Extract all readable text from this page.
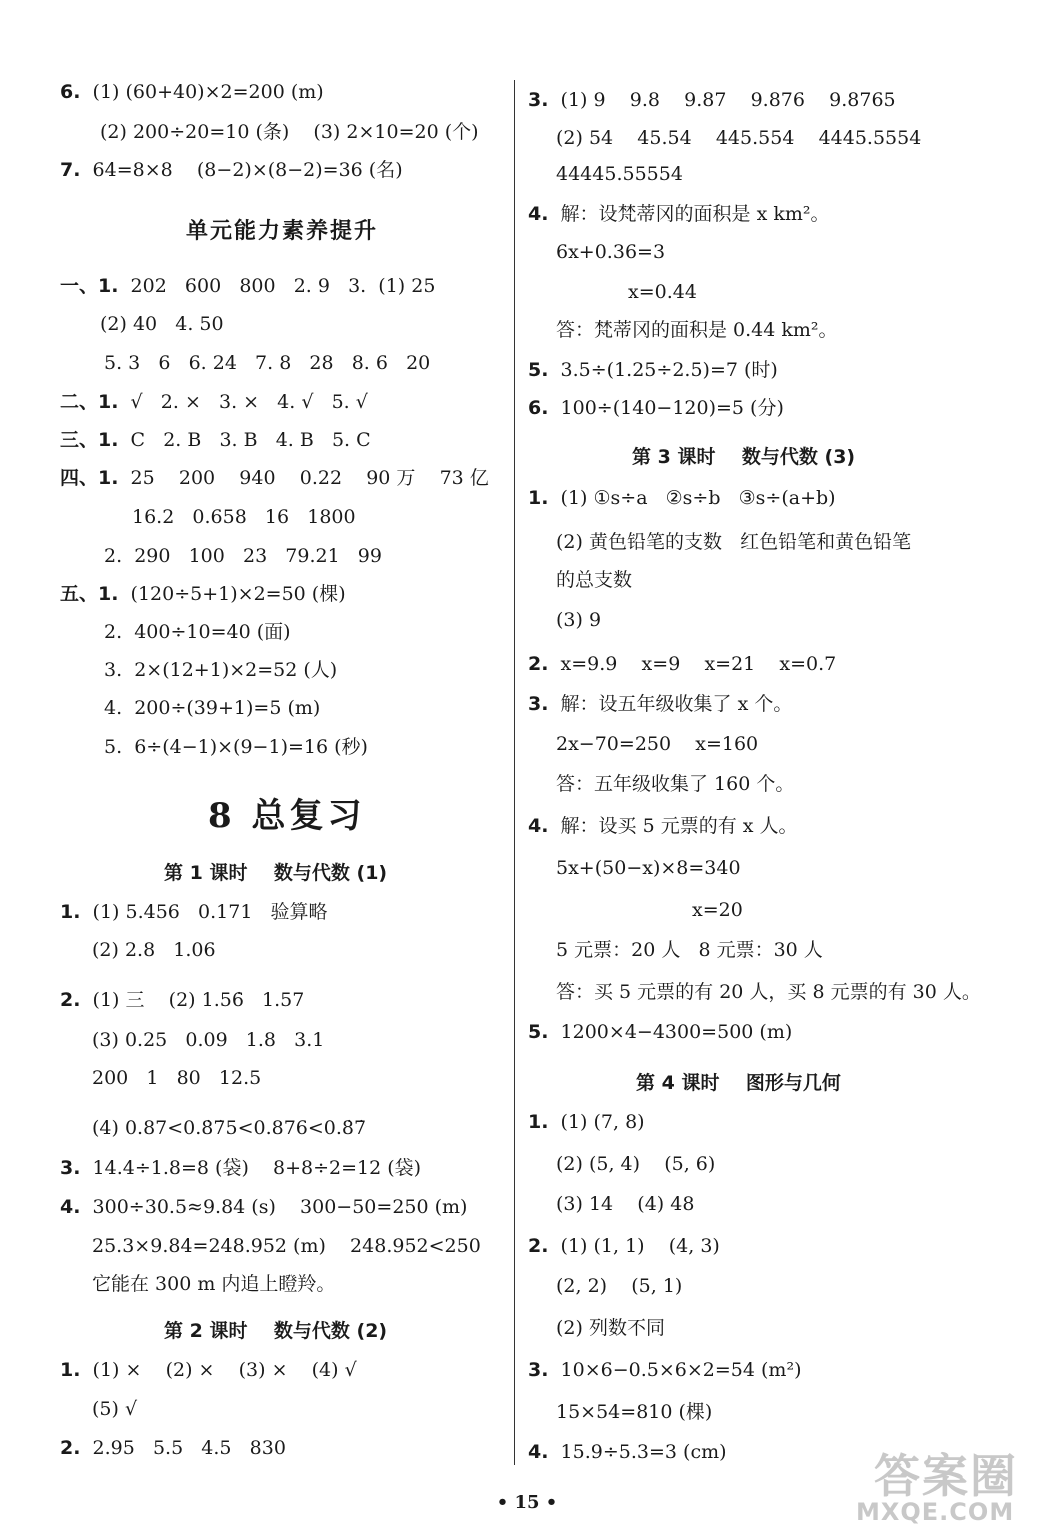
6. (1) (60+40)×2=200 (m)
(2) 200÷20=10 (条)    (3) 2×10=20 (个)
7. 64=8×8    (8−2)×(8−2)=36 (名)
一、1. 202   600   800   2. 9   3.  (1) 25
(2) 40   4. 50
5. 3   6   6. 24   7. 8   28   8. 6   20
二、1. √   2. ×   3. ×   4. √   5. √
三、1. C   2. B   3. B   4. B   5. C
四、1. 25    200    940    0.22    90 万    73 亿
16.2   0.658   16   1800
2.  290   100   23   79.21   99
五、1. (120÷5+1)×2=50 (棵)
2.  400÷10=40 (面)
3.  2×(12+1)×2=52 (人)
4.  200÷(39+1)=5 (m)
5.  6÷(4−1)×(9−1)=16 (秒)
1. (1) 5.456   0.171   验算略
(2) 2.8   1.06
2. (1) 三    (2) 1.56̇   1.57
(3) 0.25   0.09   1.8   3.1
200   1   80   12.5
(4) 0.87<0.8̇7̇5<0.876<0.8̇7̇
3. 14.4÷1.8=8 (袋)    8+8÷2=12 (袋)
4. 300÷30.5≈9.84 (s)    300−50=250 (m)
25.3×9.84=248.952 (m)    248.952<250
它能在 300 m 内追上瞪羚。
1. (1) ×    (2) ×    (3) ×    (4) √
(5) √
2. 2.95   5.5   4.5   830
单元能力素养提升
8 总复习
第 1 课时    数与代数 (1)
第 2 课时    数与代数 (2)
3. (1) 9    9.8    9.87    9.876    9.8765
(2) 54    45.54    445.554    4445.5554
44445.55554
4. 解：设梵蒂冈的面积是 x km²。
6x+0.36=3
x=0.44
答：梵蒂冈的面积是 0.44 km²。
5. 3.5÷(1.25÷2.5)=7 (时)
6. 100÷(140−120)=5 (分)
1. (1) ①s÷a   ②s÷b   ③s÷(a+b)
(2) 黄色铅笔的支数   红色铅笔和黄色铅笔
的总支数
(3) 9
2. x=9.9    x=9    x=21    x=0.7
3. 解：设五年级收集了 x 个。
2x−70=250    x=160
答：五年级收集了 160 个。
4. 解：设买 5 元票的有 x 人。
5x+(50−x)×8=340
x=20
5 元票：20 人   8 元票：30 人
答：买 5 元票的有 20 人，买 8 元票的有 30 人。
5. 1200×4−4300=500 (m)
1. (1) (7, 8)
(2) (5, 4)    (5, 6)
(3) 14    (4) 48
2. (1) (1, 1)    (4, 3)
(2, 2)    (5, 1)
(2) 列数不同
3. 10×6−0.5×6×2=54 (m²)
15×54=810 (棵)
4. 15.9÷5.3=3 (cm)
第 3 课时    数与代数 (3)
第 4 课时    图形与几何
• 15 •	答案圈
MXQE.COM
